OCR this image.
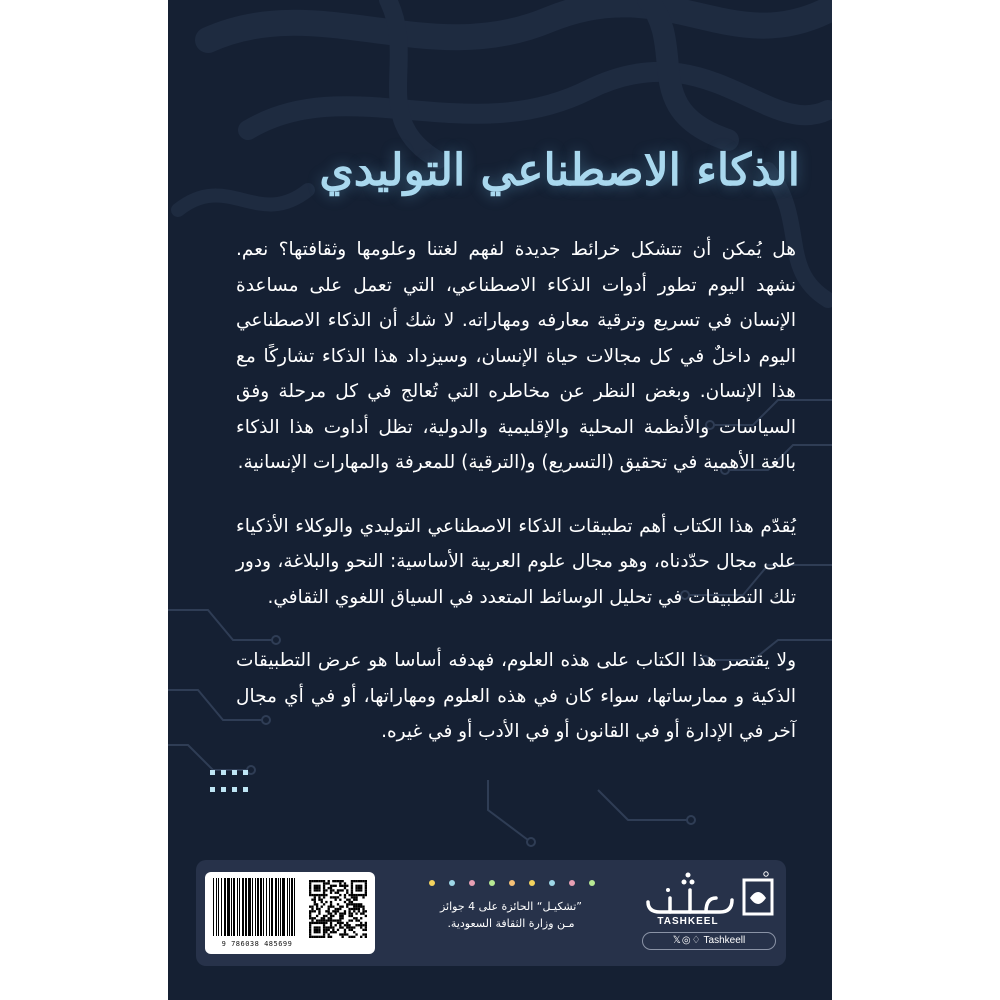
الذكاء الاصطناعي التوليدي

هل يُمكن أن تتشكل خرائط جديدة لفهم لغتنا وعلومها وثقافتها؟ نعم. نشهد اليوم تطور أدوات الذكاء الاصطناعي، التي تعمل على مساعدة الإنسان في تسريع وترقية معارفه ومهاراته. لا شك أن الذكاء الاصطناعي اليوم داخلٌ في كل مجالات حياة الإنسان، وسيزداد هذا الذكاء تشاركًا مع هذا الإنسان. وبغض النظر عن مخاطره التي تُعالج في كل مرحلة وفق السياسات والأنظمة المحلية والإقليمية والدولية، تظل أداوت هذا الذكاء بالغة الأهمية في تحقيق (التسريع) و(الترقية) للمعرفة والمهارات الإنسانية.

يُقدّم هذا الكتاب أهم تطبيقات الذكاء الاصطناعي التوليدي والوكلاء الأذكياء على مجال حدّدناه، وهو مجال علوم العربية الأساسية: النحو والبلاغة، ودور تلك التطبيقات في تحليل الوسائط المتعدد في السياق اللغوي الثقافي.

ولا يقتصر هذا الكتاب على هذه العلوم، فهدفه أساسا هو عرض التطبيقات الذكية و ممارساتها، سواء كان في هذه العلوم ومهاراتها، أو في أي مجال آخر في الإدارة أو في القانون أو في الأدب أو في غيره.

9 786038 485699
”تشكيـل“ الحائزة على 4 جوائز
مـن وزارة الثقافة السعودية.	TASHKEEL
𝕏◎♢ Tashkeell
